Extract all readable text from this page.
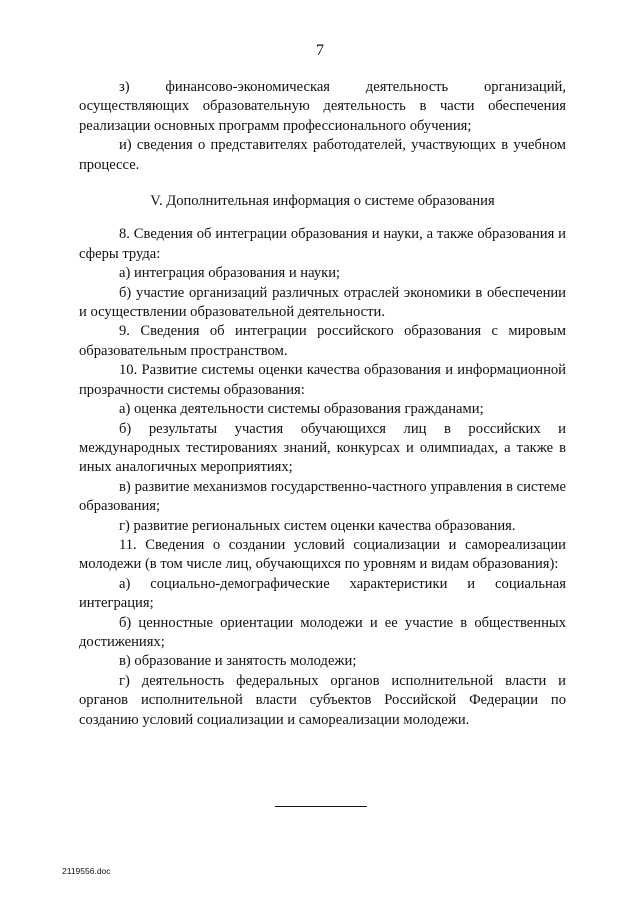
7

з) финансово-экономическая деятельность организаций, осуществляющих образовательную деятельность в части обеспечения реализации основных программ профессионального обучения;

и) сведения о представителях работодателей, участвующих в учебном процессе.

V. Дополнительная информация о системе образования

8. Сведения об интеграции образования и науки, а также образования и сферы труда:

а) интеграция образования и науки;

б) участие организаций различных отраслей экономики в обеспечении и осуществлении образовательной деятельности.

9. Сведения об интеграции российского образования с мировым образовательным пространством.

10. Развитие системы оценки качества образования и информационной прозрачности системы образования:

а) оценка деятельности системы образования гражданами;

б) результаты участия обучающихся лиц в российских и международных тестированиях знаний, конкурсах и олимпиадах, а также в иных аналогичных мероприятиях;

в) развитие механизмов государственно-частного управления в системе образования;

г) развитие региональных систем оценки качества образования.

11. Сведения о создании условий социализации и самореализации молодежи (в том числе лиц, обучающихся по уровням и видам образования):

а) социально-демографические характеристики и социальная интеграция;

б) ценностные ориентации молодежи и ее участие в общественных достижениях;

в) образование и занятость молодежи;

г) деятельность федеральных органов исполнительной власти и органов исполнительной власти субъектов Российской Федерации по созданию условий социализации и самореализации молодежи.

2119556.doc
